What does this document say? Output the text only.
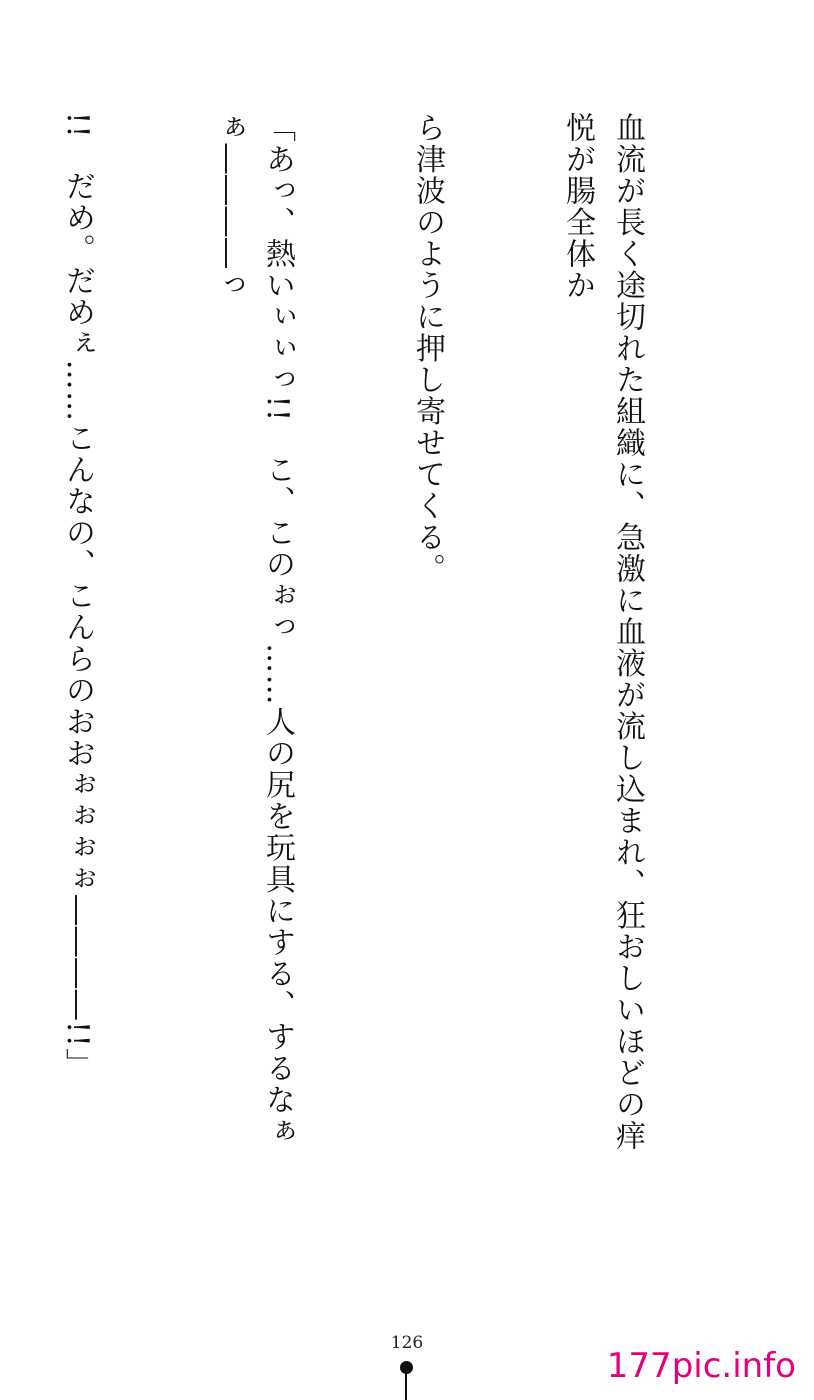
血流が長く途切れた組織に、急激に血液が流し込まれ、狂おしいほどの痒悦が腸全体か

ら津波のように押し寄せてくる。

「あっ、熱いぃぃっ!!　こ、このぉっ……人の尻を玩具にする、するなぁぁ――――っ

!!　だめ。だめぇ……こんなの、こんらのおおぉぉぉぉ――――!!」

126
177pic.info
